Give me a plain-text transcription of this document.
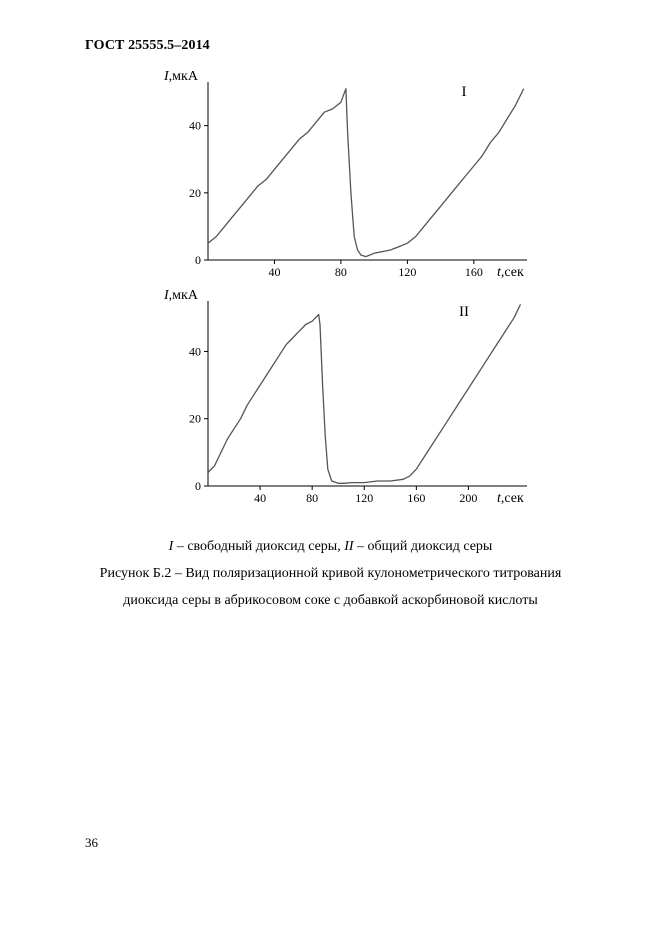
ГОСТ 25555.5–2014
40	80	120	160
0
20
40
I,мкА
t,сек
I
40	80	120	160	200
0
20
40
I,мкА
t,сек
II
I – свободный диоксид серы, II – общий диоксид серы
Рисунок Б.2 – Вид поляризационной кривой кулонометрического титрования
диоксида серы в абрикосовом соке с добавкой аскорбиновой кислоты
36
